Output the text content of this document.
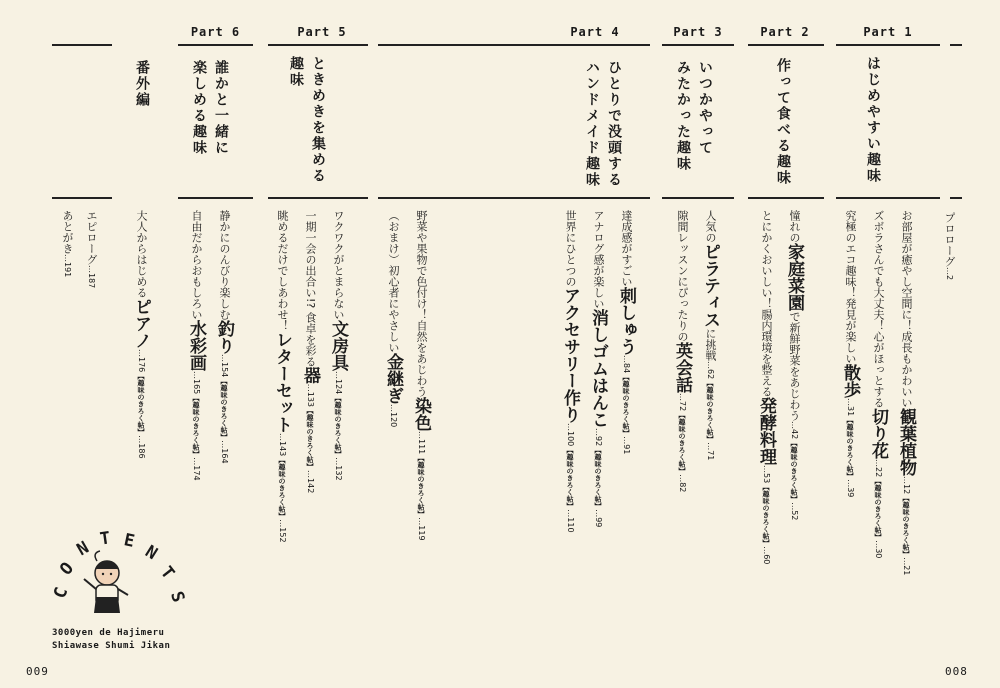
Part 1
Part 2
Part 3
Part 4
Part 5
Part 6
はじめやすい趣味
作って食べる趣味
いつかやって
みたかった趣味
ひとりで没頭する
ハンドメイド趣味
ときめきを集める
趣味
誰かと一緒に
楽しめる趣味
番外編
プロローグ…2
お部屋が癒やし空間に！成長もかわいい観葉植物…12【趣味のきろく帖】…21
ズボラさんでも大丈夫！心がほっとする切り花…22【趣味のきろく帖】…30
究極のエコ趣味！発見が楽しい散歩…31【趣味のきろく帖】…39
憧れの家庭菜園で新鮮野菜をあじわう…42【趣味のきろく帖】…52
とにかくおいしい！腸内環境を整える発酵料理…53【趣味のきろく帖】…60
人気のピラティスに挑戦…62【趣味のきろく帖】…71
隙間レッスンにぴったりの英会話…72【趣味のきろく帖】…82
達成感がすごい刺しゅう…84【趣味のきろく帖】…91
アナログ感が楽しい消しゴムはんこ…92【趣味のきろく帖】…99
世界にひとつのアクセサリー作り…100【趣味のきろく帖】…110
野菜や果物で色付け！自然をあじわう染色…111【趣味のきろく帖】…119
（おまけ）初心者にやさしい金継ぎ…120
ワクワクがとまらない文房具…124【趣味のきろく帖】…132
一期一会の出合い!? 食卓を彩る器…133【趣味のきろく帖】…142
眺めるだけでしあわせ！レターセット…143【趣味のきろく帖】…152
静かにのんびり楽しむ釣り…154【趣味のきろく帖】…164
自由だからおもしろい水彩画…165【趣味のきろく帖】…174
大人からはじめるピアノ…176【趣味のきろく帖】…186
エピローグ…187
あとがき…191
C
O
N T E
N
T
S
3000yen de Hajimeru
Shiawase Shumi Jikan
009	008
